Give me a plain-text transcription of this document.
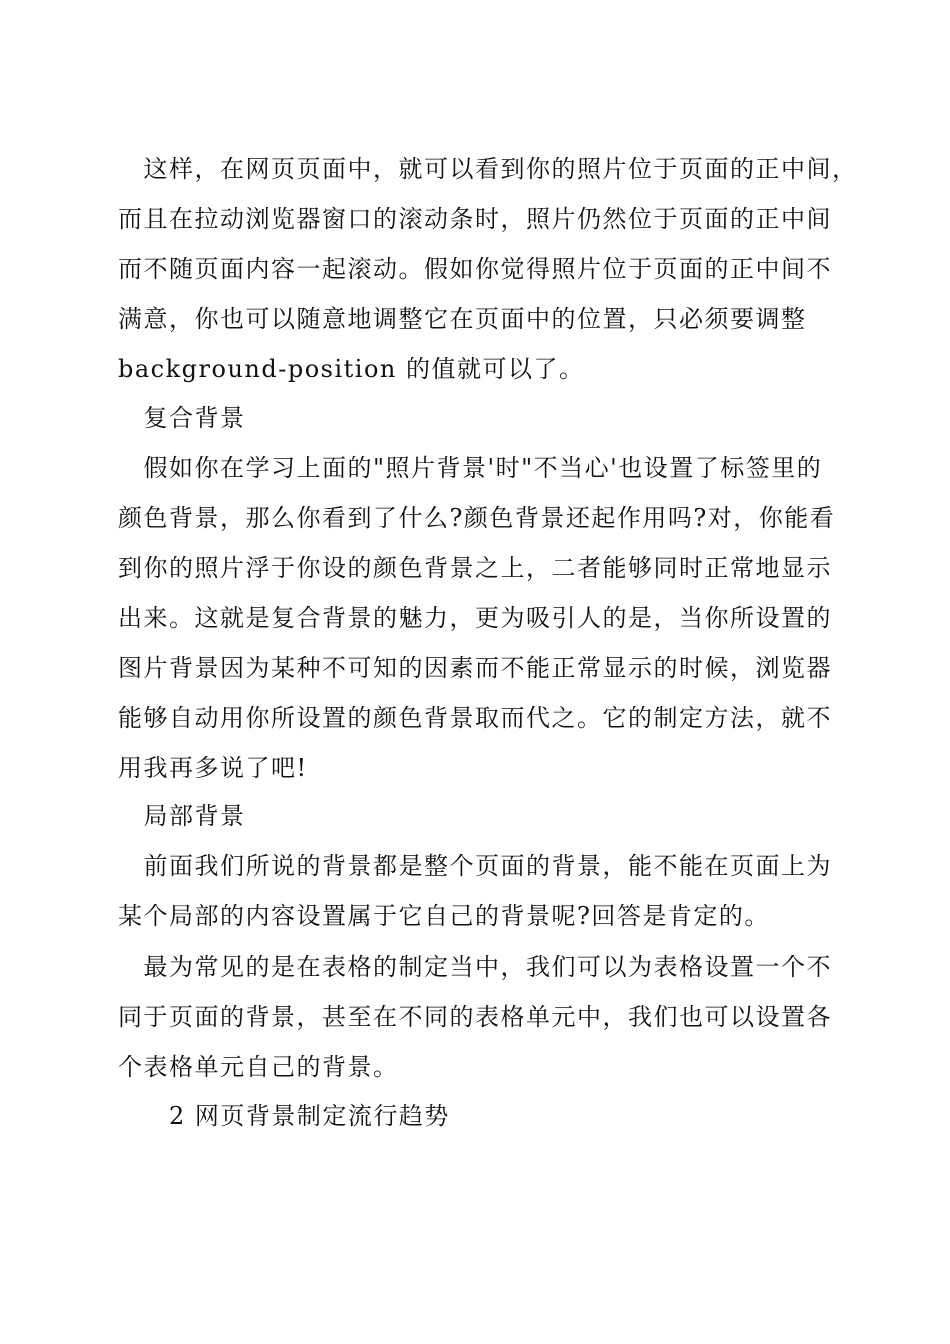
　这样，在网页页面中，就可以看到你的照片位于页面的正中间，
而且在拉动浏览器窗口的滚动条时，照片仍然位于页面的正中间
而不随页面内容一起滚动。假如你觉得照片位于页面的正中间不
满意，你也可以随意地调整它在页面中的位置，只必须要调整
background-position 的值就可以了。
　复合背景
　假如你在学习上面的"照片背景'时"不当心'也设置了标签里的
颜色背景，那么你看到了什么?颜色背景还起作用吗?对，你能看
到你的照片浮于你设的颜色背景之上，二者能够同时正常地显示
出来。这就是复合背景的魅力，更为吸引人的是，当你所设置的
图片背景因为某种不可知的因素而不能正常显示的时候，浏览器
能够自动用你所设置的颜色背景取而代之。它的制定方法，就不
用我再多说了吧!
　局部背景
　前面我们所说的背景都是整个页面的背景，能不能在页面上为
某个局部的内容设置属于它自己的背景呢?回答是肯定的。
　最为常见的是在表格的制定当中，我们可以为表格设置一个不
同于页面的背景，甚至在不同的表格单元中，我们也可以设置各
个表格单元自己的背景。
　　2 网页背景制定流行趋势
